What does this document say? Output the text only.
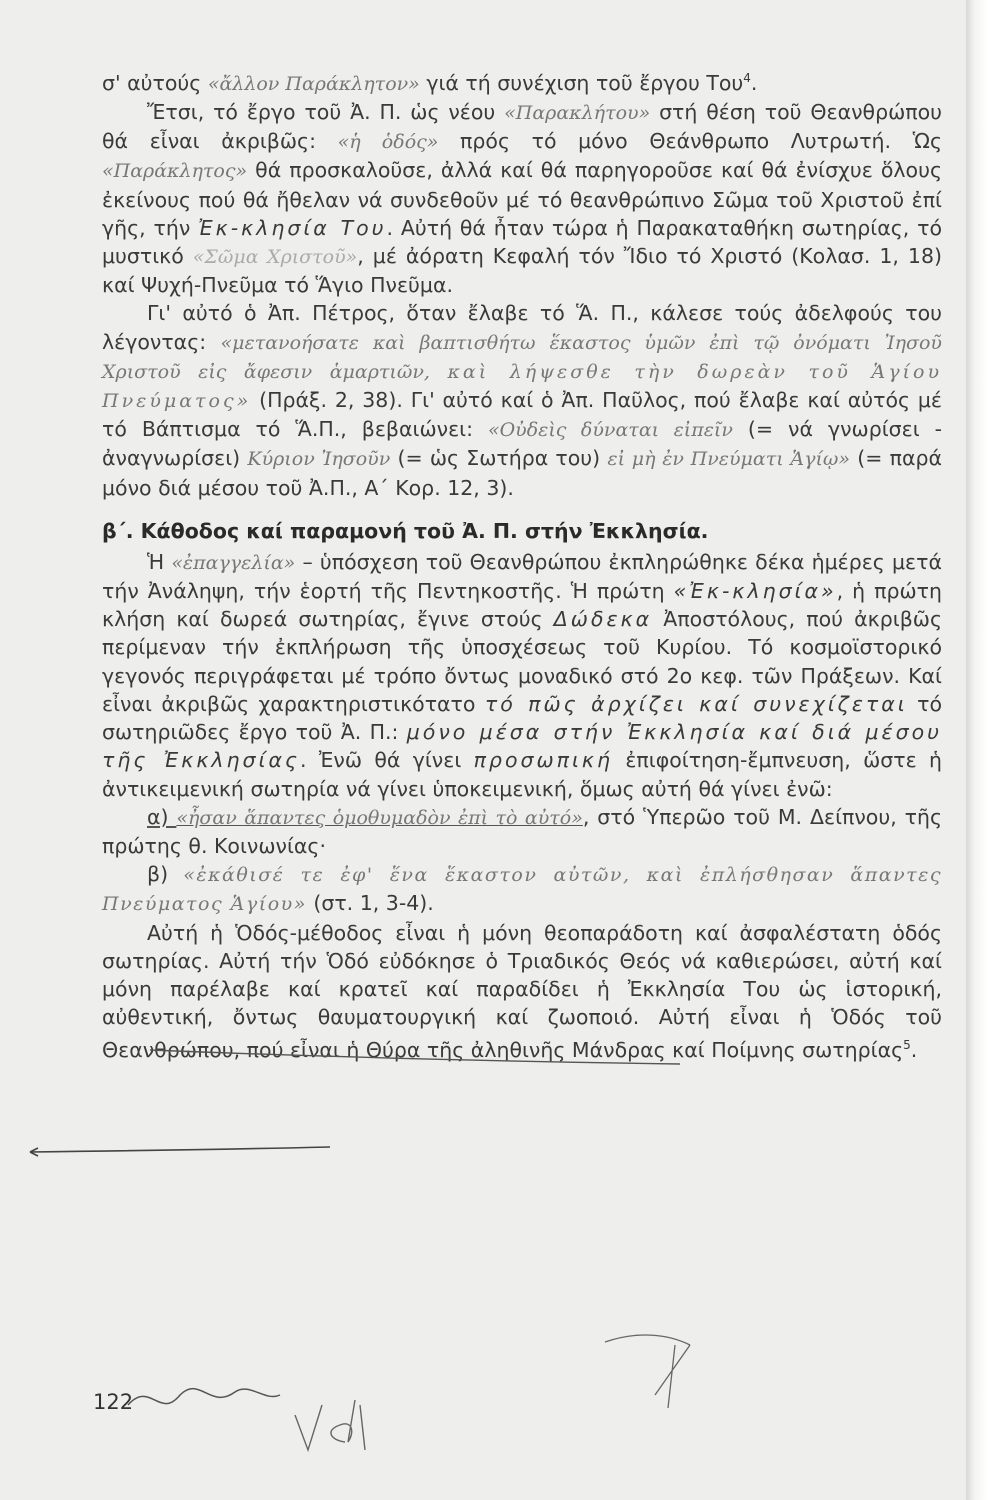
σ' αὐτούς «ἄλλον Παράκλητον» γιά τή συνέχιση τοῦ ἔργου Του$^4$.

Ἔτσι, τό ἔργο τοῦ Ἀ. Π. ὡς νέου «Παρακλήτου» στή θέση τοῦ Θεανθρώπου θά εἶναι ἀκριβῶς: «ἡ ὁδός» πρός τό μόνο Θεάνθρωπο Λυτρωτή. Ὡς «Παράκλητος» θά προσκαλοῦσε, ἀλλά καί θά παρηγοροῦσε καί θά ἐνίσχυε ὅλους ἐκείνους πού θά ἤθελαν νά συνδεθοῦν μέ τό θεανθρώπινο Σῶμα τοῦ Χριστοῦ ἐπί γῆς, τήν Ἐκ-κλησία Του. Αὐτή θά ἦταν τώρα ἡ Παρακαταθήκη σωτηρίας, τό μυστικό «Σῶμα Χριστοῦ», μέ ἀόρατη Κεφαλή τόν Ἴδιο τό Χριστό (Κολασ. 1, 18) καί Ψυχή-Πνεῦμα τό Ἅγιο Πνεῦμα.

Γι' αὐτό ὁ Ἀπ. Πέτρος, ὅταν ἔλαβε τό Ἅ. Π., κάλεσε τούς ἀδελφούς του λέγοντας: «μετανοήσατε καὶ βαπτισθήτω ἕκαστος ὑμῶν ἐπὶ τῷ ὀνόματι Ἰησοῦ Χριστοῦ εἰς ἄφεσιν ἁμαρτιῶν, καὶ λήψεσθε τὴν δωρεὰν τοῦ Ἁγίου Πνεύματος» (Πράξ. 2, 38). Γι' αὐτό καί ὁ Ἀπ. Παῦλος, πού ἔλαβε καί αὐτός μέ τό Βάπτισμα τό Ἅ.Π., βεβαιώνει: «Οὐδεὶς δύναται εἰπεῖν (= νά γνωρίσει - ἀναγνωρίσει) Κύριον Ἰησοῦν (= ὡς Σωτήρα του) εἰ μὴ ἐν Πνεύματι Ἁγίῳ» (= παρά μόνο διά μέσου τοῦ Ἀ.Π., Α΄ Κορ. 12, 3).

β΄. Κάθοδος καί παραμονή τοῦ Ἀ. Π. στήν Ἐκκλησία.

Ἡ «ἐπαγγελία» – ὑπόσχεση τοῦ Θεανθρώπου ἐκπληρώθηκε δέκα ἡμέρες μετά τήν Ἀνάληψη, τήν ἑορτή τῆς Πεντηκοστῆς. Ἡ πρώτη «Ἐκ-κλησία», ἡ πρώτη κλήση καί δωρεά σωτηρίας, ἔγινε στούς Δώδεκα Ἀποστόλους, πού ἀκριβῶς περίμεναν τήν ἐκπλήρωση τῆς ὑποσχέσεως τοῦ Κυρίου. Τό κοσμοϊστορικό γεγονός περιγράφεται μέ τρόπο ὄντως μοναδικό στό 2ο κεφ. τῶν Πράξεων. Καί εἶναι ἀκριβῶς χαρακτηριστικότατο τό πῶς ἀρχίζει καί συνεχίζεται τό σωτηριῶδες ἔργο τοῦ Ἀ. Π.: μόνο μέσα στήν Ἐκκλησία καί διά μέσου τῆς Ἐκκλησίας. Ἐνῶ θά γίνει προσωπική ἐπιφοίτηση-ἔμπνευση, ὥστε ἡ ἀντικειμενική σωτηρία νά γίνει ὑποκειμενική, ὅμως αὐτή θά γίνει ἐνῶ:

α) «ἦσαν ἅπαντες ὁμοθυμαδὸν ἐπὶ τὸ αὐτό», στό Ὑπερῶο τοῦ Μ. Δείπνου, τῆς πρώτης θ. Κοινωνίας·

β) «ἐκάθισέ τε ἐφ' ἕνα ἕκαστον αὐτῶν, καὶ ἐπλήσθησαν ἅπαντες Πνεύματος Ἁγίου» (στ. 1, 3-4).

Αὐτή ἡ Ὁδός-μέθοδος εἶναι ἡ μόνη θεοπαράδοτη καί ἀσφαλέστατη ὁδός σωτηρίας. Αὐτή τήν Ὁδό εὐδόκησε ὁ Τριαδικός Θεός νά καθιερώσει, αὐτή καί μόνη παρέλαβε καί κρατεῖ καί παραδίδει ἡ Ἐκκλησία Του ὡς ἱστορική, αὐθεντική, ὄντως θαυματουργική καί ζωοποιό. Αὐτή εἶναι ἡ Ὁδός τοῦ Θεανθρώπου, πού εἶναι ἡ Θύρα τῆς ἀληθινῆς Μάνδρας καί Ποίμνης σωτηρίας$^5$.

122
